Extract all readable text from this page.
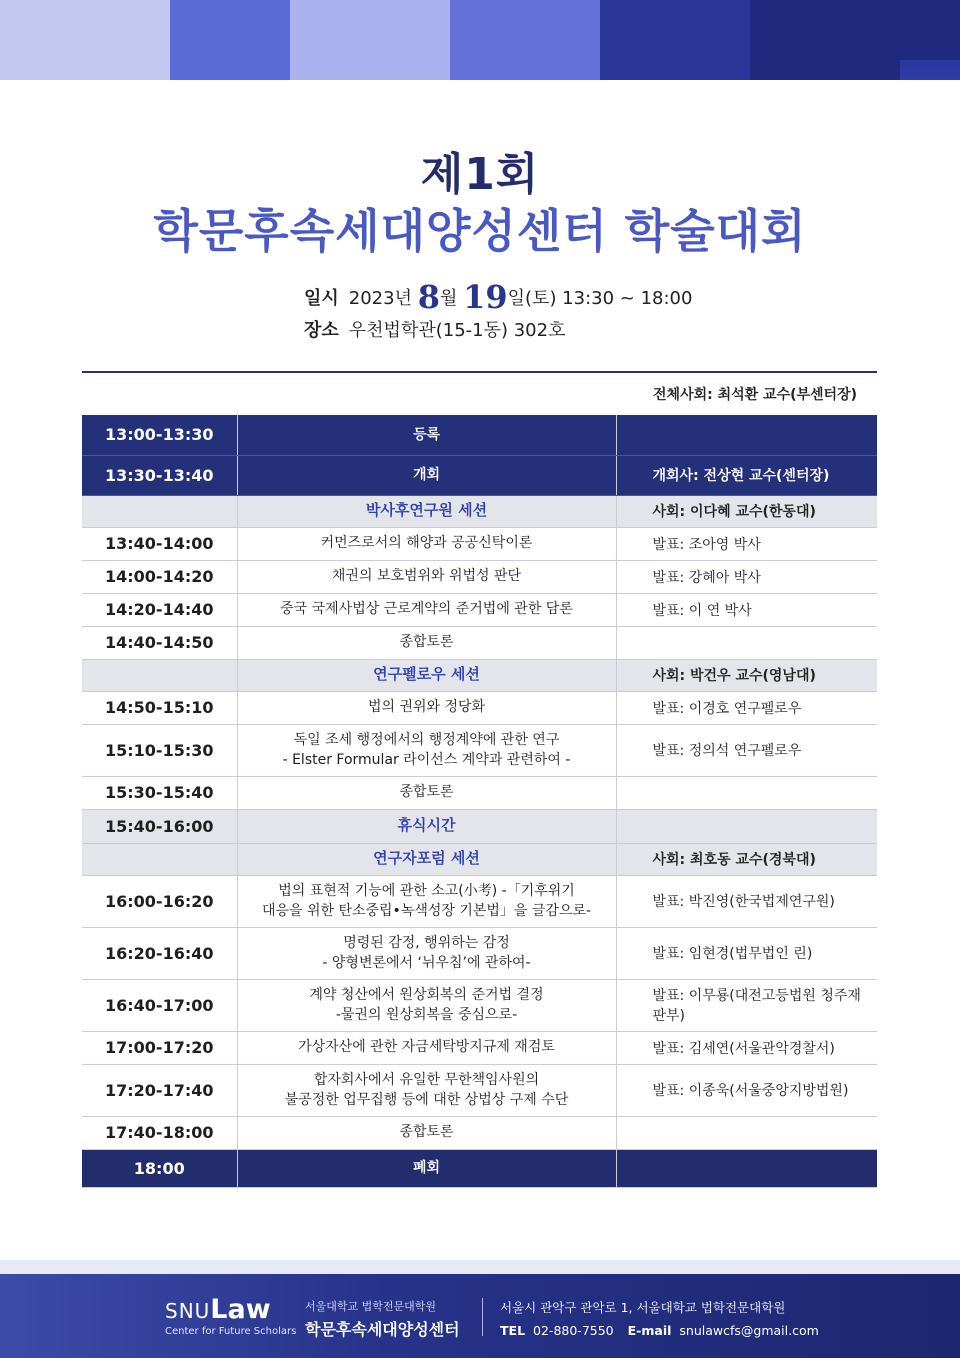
제1회
학문후속세대양성센터 학술대회
일시 2023년 8월 19일(토) 13:30 ~ 18:00
장소 우천법학관(15-1동) 302호
전체사회: 최석환 교수(부센터장)
13:00-13:30	등록	

13:30-13:40	개회	개회사: 전상현 교수(센터장)

	박사후연구원 세션	사회: 이다혜 교수(한동대)
13:40-14:00	커먼즈로서의 해양과 공공신탁이론	발표: 조아영 박사
14:00-14:20	채권의 보호범위와 위법성 판단	발표: 강혜아 박사
14:20-14:40	중국 국제사법상 근로계약의 준거법에 관한 담론	발표: 이 연 박사
14:40-14:50	종합토론	

	연구펠로우 세션	사회: 박건우 교수(영남대)
14:50-15:10	법의 권위와 정당화	발표: 이경호 연구펠로우
15:10-15:30	독일 조세 행정에서의 행정계약에 관한 연구
- Elster Formular 라이선스 계약과 관련하여 -	발표: 정의석 연구펠로우
15:30-15:40	종합토론	

15:40-16:00	휴식시간	

	연구자포럼 세션	사회: 최호동 교수(경북대)
16:00-16:20	법의 표현적 기능에 관한 소고(小考) -「기후위기
대응을 위한 탄소중립•녹색성장 기본법」을 글감으로-	발표: 박진영(한국법제연구원)
16:20-16:40	명령된 감정, 행위하는 감정
- 양형변론에서 ‘뉘우침’에 관하여-	발표: 임현경(법무법인 린)
16:40-17:00	계약 청산에서 원상회복의 준거법 결정
-물권의 원상회복을 중심으로-	발표: 이무룡(대전고등법원 청주재판부)
17:00-17:20	가상자산에 관한 자금세탁방지규제 재검토	발표: 김세연(서울관악경찰서)
17:20-17:40	합자회사에서 유일한 무한책임사원의
불공정한 업무집행 등에 대한 상법상 구제 수단	발표: 이종욱(서울중앙지방법원)
17:40-18:00	종합토론	

18:00	폐회	

SNULaw
Center for Future Scholars
서울대학교 법학전문대학원
학문후속세대양성센터
서울시 관악구 관악로 1, 서울대학교 법학전문대학원
TEL 02-880-7550 E-mail snulawcfs@gmail.com
